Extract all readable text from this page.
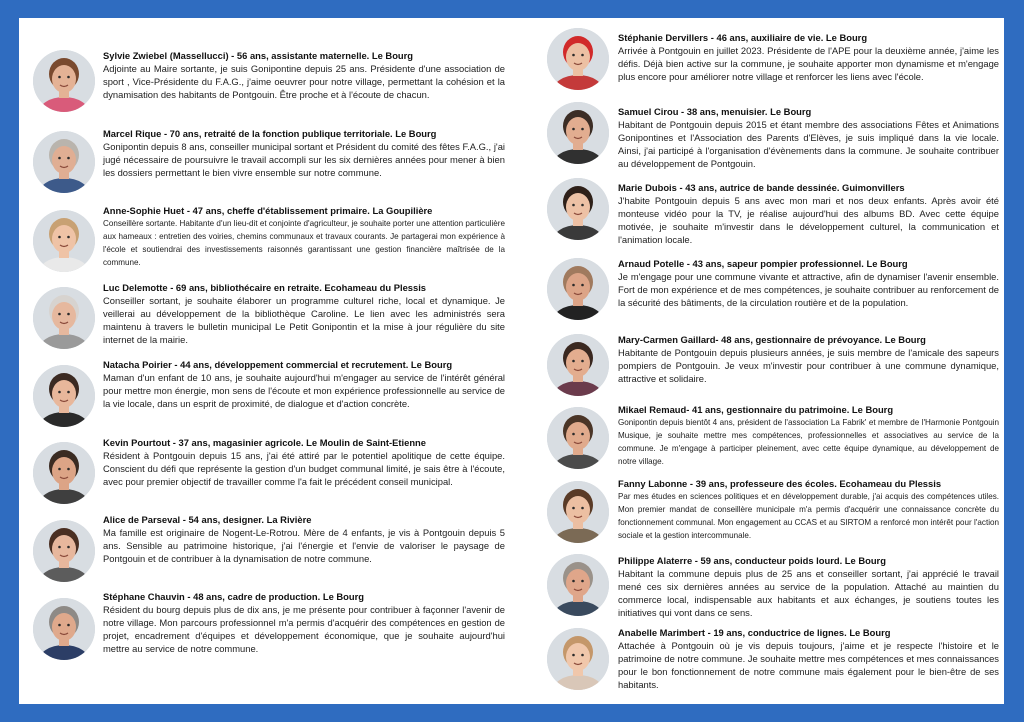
Sylvie Zwiebel (Massellucci) - 56 ans, assistante maternelle. Le Bourg
Adjointe au Maire sortante, je suis Gonipontine depuis 25 ans. Présidente d'une association de sport , Vice-Présidente du F.A.G., j'aime oeuvrer pour notre village, permettant la cohésion et la dynamisation des habitants de Pontgouin. Être proche et à l'écoute de chacun.
Marcel Rique - 70 ans, retraité de la fonction publique territoriale. Le Bourg
Gonipontin depuis 8 ans, conseiller municipal sortant et Président du comité des fêtes F.A.G., j'ai jugé nécessaire de poursuivre le travail accompli sur les six dernières années pour mener à bien les dossiers permettant le bien vivre ensemble sur notre commune.
Anne-Sophie Huet - 47 ans, cheffe d'établissement primaire. La Goupilière
Conseillère sortante. Habitante d'un lieu-dit et conjointe d'agriculteur, je souhaite porter une attention particulière aux hameaux : entretien des voiries, chemins communaux et travaux courants. Je partagerai mon expérience à l'école et soutiendrai des investissements raisonnés garantissant une gestion financière maîtrisée de la commune.
Luc Delemotte - 69 ans, bibliothécaire en retraite. Ecohameau du Plessis
Conseiller sortant, je souhaite élaborer un programme culturel riche, local et dynamique. Je veillerai au développement de la bibliothèque Caroline. Le lien avec les administrés sera maintenu à travers le bulletin municipal Le Petit Gonipontin et la mise à jour régulière du site internet de la mairie.
Natacha Poirier - 44 ans, développement commercial et recrutement. Le Bourg
Maman d'un enfant de 10 ans, je souhaite aujourd'hui m'engager au service de l'intérêt général pour mettre mon énergie, mon sens de l'écoute et mon expérience professionnelle au service de la vie locale, dans un esprit de proximité, de dialogue et d'action concrète.
Kevin Pourtout - 37 ans, magasinier agricole. Le Moulin de Saint-Etienne
Résident à Pontgouin depuis 15 ans, j'ai été attiré par le potentiel apolitique de cette équipe. Conscient du défi que représente la gestion d'un budget communal limité, je sais être à l'écoute, avec pour premier objectif de travailler comme l'a fait le précédent conseil municipal.
Alice de Parseval - 54 ans, designer. La Rivière
Ma famille est originaire de Nogent-Le-Rotrou. Mère de 4 enfants, je vis à Pontgouin depuis 5 ans. Sensible au patrimoine historique, j'ai l'énergie et l'envie de valoriser le paysage de Pontgouin et de contribuer à la dynamisation de notre commune.
Stéphane Chauvin - 48 ans, cadre de production. Le Bourg
Résident du bourg depuis plus de dix ans, je me présente pour contribuer à façonner l'avenir de notre village. Mon parcours professionnel m'a permis d'acquérir des compétences en gestion de projet, encadrement d'équipes et développement économique, que je souhaite aujourd'hui mettre au service de notre commune.
Stéphanie Dervillers - 46 ans, auxiliaire de vie. Le Bourg
Arrivée à Pontgouin en juillet 2023. Présidente de l'APE pour la deuxième année, j'aime les défis. Déjà bien active sur la commune, je souhaite apporter mon dynamisme et m'engage plus encore pour améliorer notre village et renforcer les liens avec l'école.
Samuel Cirou - 38 ans, menuisier. Le Bourg
Habitant de Pontgouin depuis 2015 et étant membre des associations Fêtes et Animations Gonipontines et l'Association des Parents d'Elèves, je suis impliqué dans la vie locale. Ainsi, j'ai participé à l'organisation d'évènements dans la commune. Je souhaite contribuer au développement de Pontgouin.
Marie Dubois - 43 ans, autrice de bande dessinée. Guimonvillers
J'habite Pontgouin depuis 5 ans avec mon mari et nos deux enfants. Après avoir été monteuse vidéo pour la TV, je réalise aujourd'hui des albums BD. Avec cette équipe motivée, je souhaite m'investir dans le développement culturel, la communication et l'animation locale.
Arnaud Potelle - 43 ans, sapeur pompier professionnel. Le Bourg
Je m'engage pour une commune vivante et attractive, afin de dynamiser l'avenir ensemble. Fort de mon expérience et de mes compétences, je souhaite contribuer au renforcement de la sécurité des bâtiments, de la circulation routière et de la population.
Mary-Carmen Gaillard- 48 ans, gestionnaire de prévoyance. Le Bourg
Habitante de Pontgouin depuis plusieurs années, je suis membre de l'amicale des sapeurs pompiers de Pontgouin. Je veux m'investir pour contribuer à une commune dynamique, attractive et solidaire.
Mikael Remaud- 41 ans, gestionnaire du patrimoine. Le Bourg
Gonipontin depuis bientôt 4 ans, président de l'association La Fabrik' et membre de l'Harmonie Pontgouin Musique, je souhaite mettre mes compétences, professionnelles et associatives au service de la commune. Je m'engage à participer pleinement, avec cette équipe dynamique, au développement de notre village.
Fanny Labonne - 39 ans, professeure des écoles. Ecohameau du Plessis
Par mes études en sciences politiques et en développement durable, j'ai acquis des compétences utiles. Mon premier mandat de conseillère municipale m'a permis d'acquérir une connaissance concrète du fonctionnement communal. Mon engagement au CCAS et au SIRTOM a renforcé mon intérêt pour l'action sociale et la gestion intercommunale.
Philippe Alaterre - 59 ans, conducteur poids lourd. Le Bourg
Habitant la commune depuis plus de 25 ans et conseiller sortant, j'ai apprécié le travail mené ces six dernières années au service de la population. Attaché au maintien du commerce local, indispensable aux habitants et aux échanges, je soutiens toutes les initiatives qui vont dans ce sens.
Anabelle Marimbert - 19 ans, conductrice de lignes. Le Bourg
Attachée à Pontgouin où je vis depuis toujours, j'aime et je respecte l'histoire et le patrimoine de notre commune. Je souhaite mettre mes compétences et mes connaissances pour le bon fonctionnement de notre commune mais également pour le bien-être de ses habitants.
